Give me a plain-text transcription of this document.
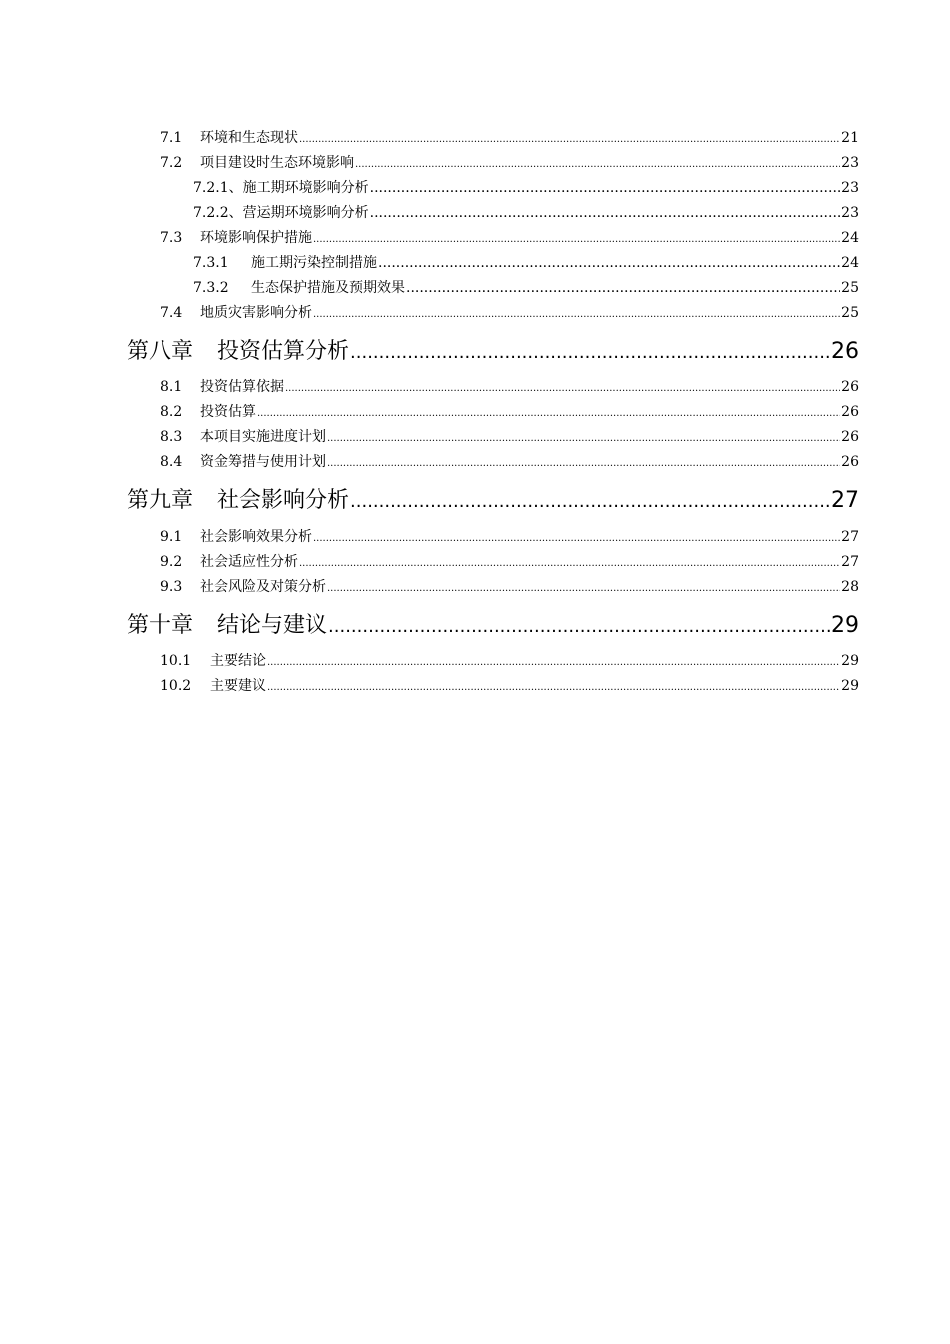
7.1 环境和生态现状 .....	21
7.2 项目建设时生态环境影响 .....	23
7.2.1、施工期环境影响分析 .....	23
7.2.2、营运期环境影响分析 .....	23
7.3 环境影响保护措施 .....	24
7.3.1 施工期污染控制措施 .....	24
7.3.2 生态保护措施及预期效果 .....	25
7.4 地质灾害影响分析 .....	25
第八章 投资估算分析 .....	26
8.1 投资估算依据 .....	26
8.2 投资估算 .....	26
8.3 本项目实施进度计划 .....	26
8.4 资金筹措与使用计划 .....	26
第九章 社会影响分析 .....	27
9.1 社会影响效果分析 .....	27
9.2 社会适应性分析 .....	27
9.3 社会风险及对策分析 .....	28
第十章 结论与建议 .....	29
10.1 主要结论 .....	29
10.2 主要建议 .....	29
